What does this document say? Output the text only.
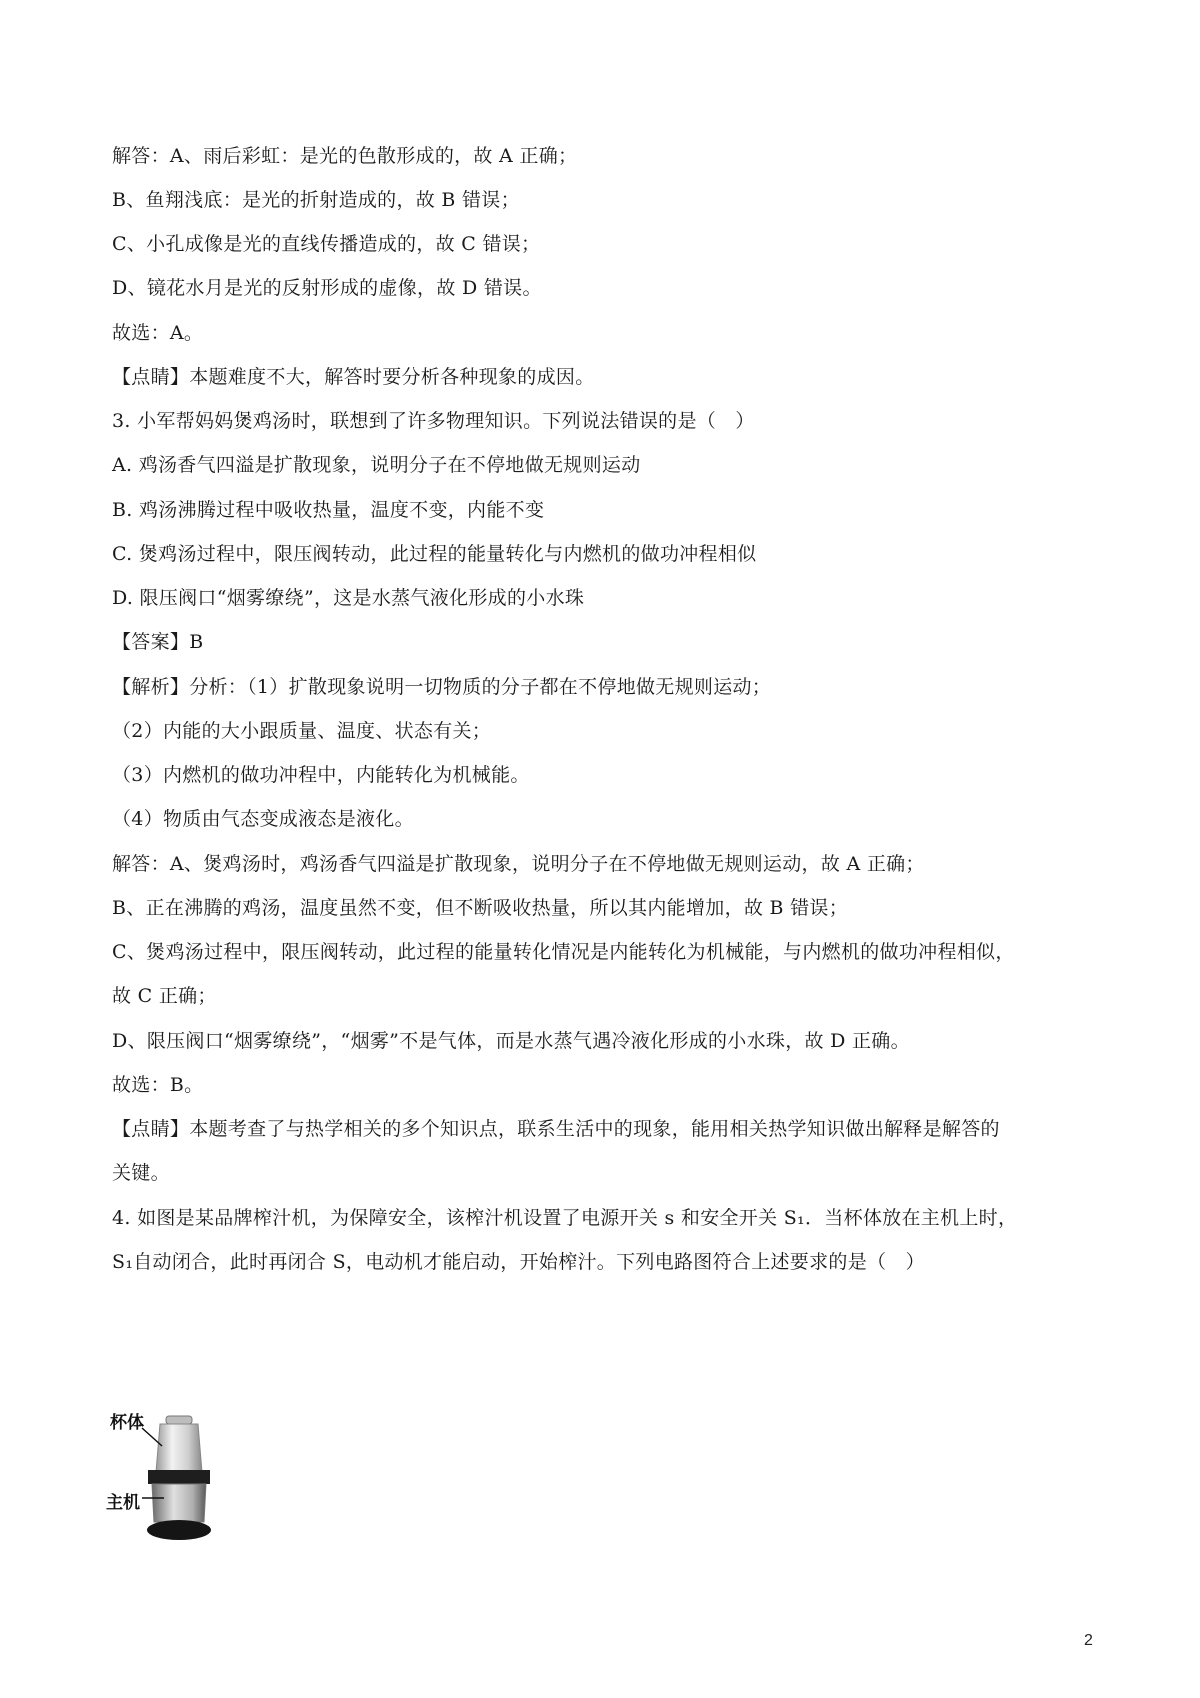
解答：A、雨后彩虹：是光的色散形成的，故 A 正确；
B、鱼翔浅底：是光的折射造成的，故 B 错误；
C、小孔成像是光的直线传播造成的，故 C 错误；
D、镜花水月是光的反射形成的虚像，故 D 错误。
故选：A。
【点睛】本题难度不大，解答时要分析各种现象的成因。
3. 小军帮妈妈煲鸡汤时，联想到了许多物理知识。下列说法错误的是（　）
A. 鸡汤香气四溢是扩散现象，说明分子在不停地做无规则运动
B. 鸡汤沸腾过程中吸收热量，温度不变，内能不变
C. 煲鸡汤过程中，限压阀转动，此过程的能量转化与内燃机的做功冲程相似
D. 限压阀口“烟雾缭绕”，这是水蒸气液化形成的小水珠
【答案】B
【解析】分析：（1）扩散现象说明一切物质的分子都在不停地做无规则运动；
（2）内能的大小跟质量、温度、状态有关；
（3）内燃机的做功冲程中，内能转化为机械能。
（4）物质由气态变成液态是液化。
解答：A、煲鸡汤时，鸡汤香气四溢是扩散现象，说明分子在不停地做无规则运动，故 A 正确；
B、正在沸腾的鸡汤，温度虽然不变，但不断吸收热量，所以其内能增加，故 B 错误；
C、煲鸡汤过程中，限压阀转动，此过程的能量转化情况是内能转化为机械能，与内燃机的做功冲程相似，
故 C 正确；
D、限压阀口“烟雾缭绕”，“烟雾”不是气体，而是水蒸气遇冷液化形成的小水珠，故 D 正确。
故选：B。
【点睛】本题考查了与热学相关的多个知识点，联系生活中的现象，能用相关热学知识做出解释是解答的
关键。
4. 如图是某品牌榨汁机，为保障安全，该榨汁机设置了电源开关 s 和安全开关 S₁．当杯体放在主机上时，
S₁自动闭合，此时再闭合 S，电动机才能启动，开始榨汁。下列电路图符合上述要求的是（　）
杯体
主机
2
